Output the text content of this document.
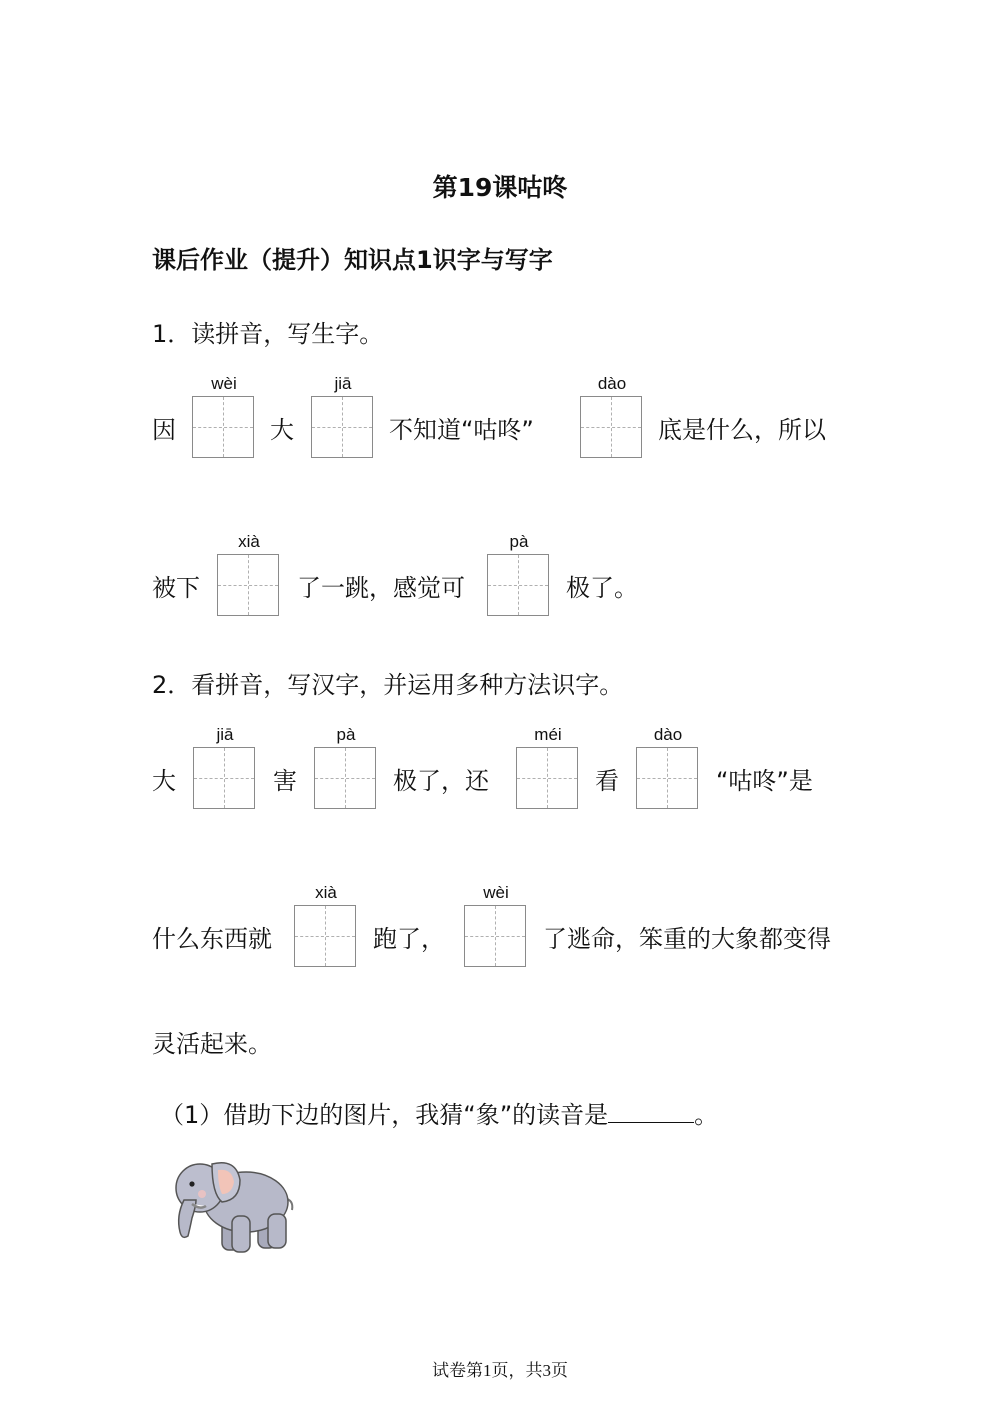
第19课咕咚
课后作业（提升）知识点1识字与写字
1．读拼音，写生字。
因
wèi
大
jiā
不知道“咕咚”
dào
底是什么，所以
被下
xià
了一跳，感觉可
pà
极了。
2．看拼音，写汉字，并运用多种方法识字。
大
jiā
害
pà
极了，还
méi
看
dào
“咕咚”是
什么东西就
xià
跑了，
wèi
了逃命，笨重的大象都变得
灵活起来。
（1）借助下边的图片，我猜“象”的读音是	。
试卷第1页，共3页
